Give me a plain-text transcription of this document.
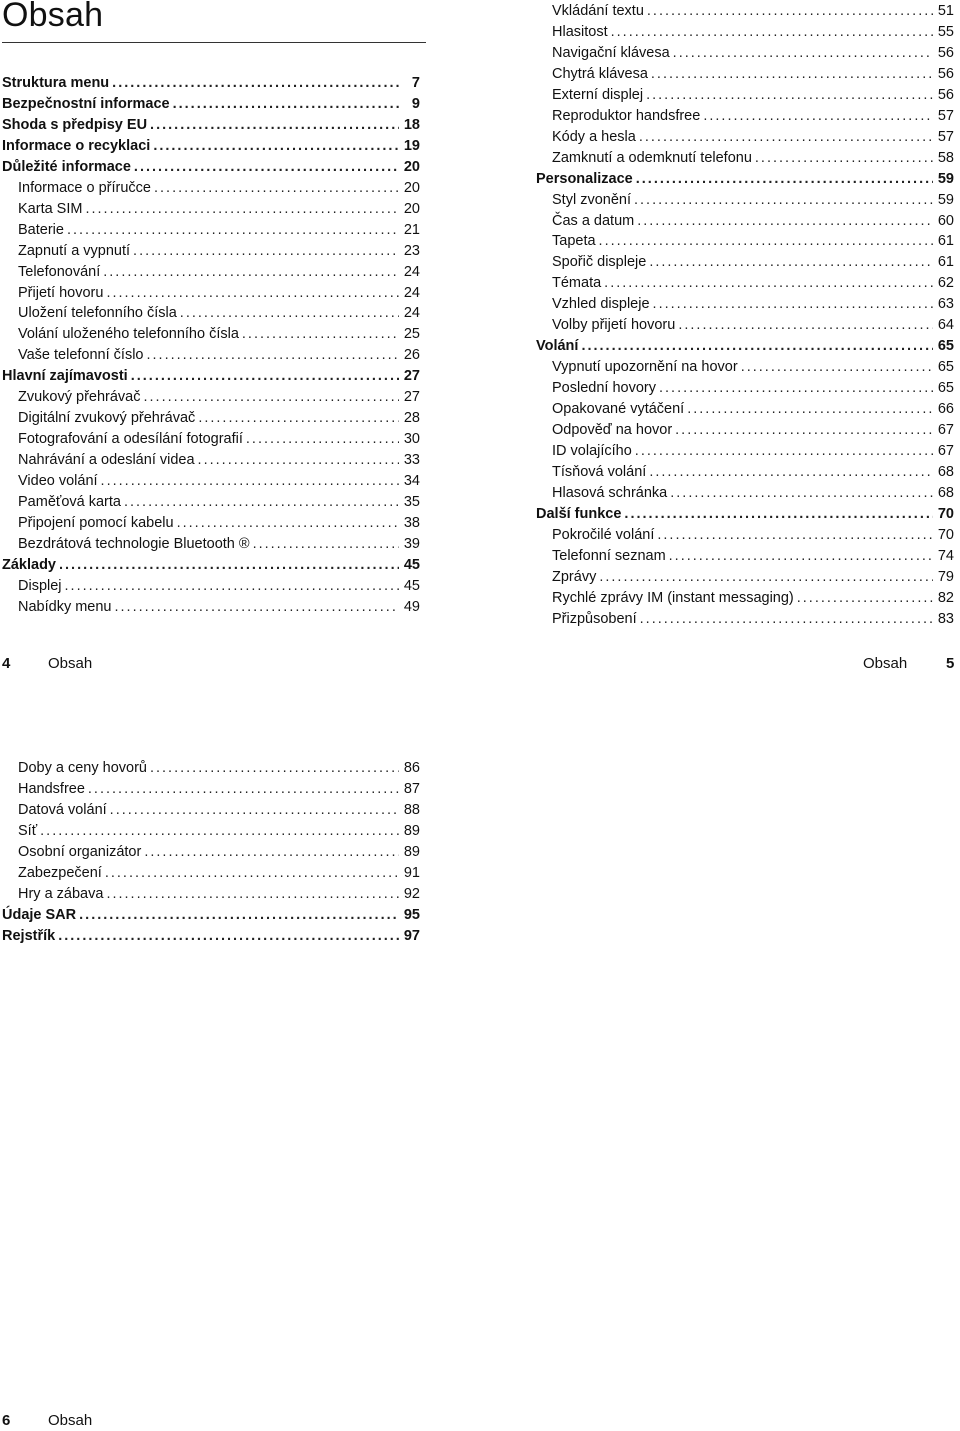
Obsah
Struktura menu .....	7
Bezpečnostní informace .....	9
Shoda s předpisy EU .....	18
Informace o recyklaci .....	19
Důležité informace .....	20
Informace o příručce .....	20
Karta SIM .....	20
Baterie .....	21
Zapnutí a vypnutí .....	23
Telefonování .....	24
Přijetí hovoru .....	24
Uložení telefonního čísla .....	24
Volání uloženého telefonního čísla .....	25
Vaše telefonní číslo .....	26
Hlavní zajímavosti .....	27
Zvukový přehrávač .....	27
Digitální zvukový přehrávač .....	28
Fotografování a odesílání fotografií .....	30
Nahrávání a odeslání videa .....	33
Video volání .....	34
Paměťová karta .....	35
Připojení pomocí kabelu .....	38
Bezdrátová technologie Bluetooth ® .....	39
Základy .....	45
Displej .....	45
Nabídky menu .....	49
Vkládání textu .....	51
Hlasitost .....	55
Navigační klávesa .....	56
Chytrá klávesa .....	56
Externí displej .....	56
Reproduktor handsfree .....	57
Kódy a hesla .....	57
Zamknutí a odemknutí telefonu .....	58
Personalizace .....	59
Styl zvonění .....	59
Čas a datum .....	60
Tapeta .....	61
Spořič displeje .....	61
Témata .....	62
Vzhled displeje .....	63
Volby přijetí hovoru .....	64
Volání .....	65
Vypnutí upozornění na hovor .....	65
Poslední hovory .....	65
Opakované vytáčení .....	66
Odpověď na hovor .....	67
ID volajícího .....	67
Tísňová volání .....	68
Hlasová schránka .....	68
Další funkce .....	70
Pokročilé volání .....	70
Telefonní seznam .....	74
Zprávy .....	79
Rychlé zprávy IM (instant messaging) .....	82
Přizpůsobení .....	83
Doby a ceny hovorů .....	86
Handsfree .....	87
Datová volání .....	88
Síť .....	89
Osobní organizátor .....	89
Zabezpečení .....	91
Hry a zábava .....	92
Údaje SAR .....	95
Rejstřík .....	97
4	Obsah	Obsah	5
6	Obsah
